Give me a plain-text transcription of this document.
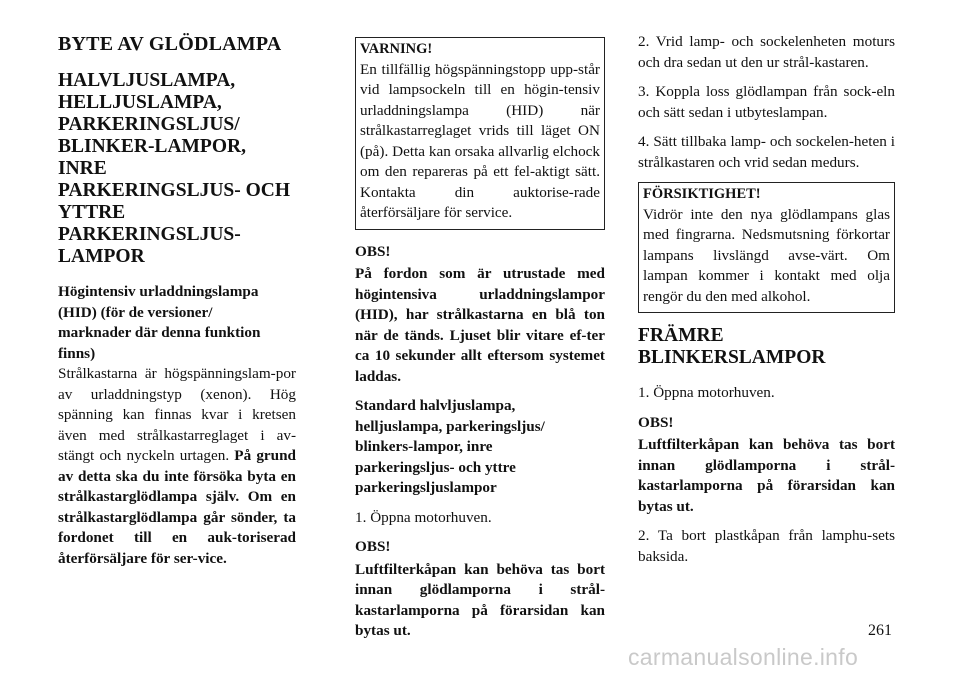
BYTE AV GLÖDLAMPA
HALVLJUSLAMPA,
HELLJUSLAMPA,
PARKERINGSLJUS/
BLINKER-LAMPOR, INRE
PARKERINGSLJUS- OCH
YTTRE PARKERINGSLJUS-
LAMPOR

Högintensiv urladdningslampa
(HID) (för de versioner/
marknader där denna funktion
finns)

Strålkastarna är högspänningslam-por av urladdningstyp (xenon). Hög spänning kan finnas kvar i kretsen även med strålkastarreglaget i av-stängt och nyckeln urtagen. På grund av detta ska du inte försöka byta en strålkastarglödlampa själv. Om en strålkastarglödlampa går sönder, ta fordonet till en auk-toriserad återförsäljare för ser-vice.

VARNING!
En tillfällig högspänningstopp upp-står vid lampsockeln till en högin-tensiv urladdningslampa (HID) när strålkastarreglaget vrids till läget ON (på). Detta kan orsaka allvarlig elchock om den repareras på ett fel-aktigt sätt. Kontakta din auktorise-rade återförsäljare för service.

OBS!

På fordon som är utrustade med högintensiva urladdningslampor (HID), har strålkastarna en blå ton när de tänds. Ljuset blir vitare ef-ter ca 10 sekunder allt eftersom systemet laddas.

Standard halvljuslampa,
helljuslampa, parkeringsljus/
blinkers-lampor, inre
parkeringsljus- och yttre
parkeringsljuslampor

1. Öppna motorhuven.

OBS!

Luftfilterkåpan kan behöva tas bort innan glödlamporna i strål-kastarlamporna på förarsidan kan bytas ut.

2. Vrid lamp- och sockelenheten moturs och dra sedan ut den ur strål-kastaren.

3. Koppla loss glödlampan från sock-eln och sätt sedan i utbyteslampan.

4. Sätt tillbaka lamp- och sockelen-heten i strålkastaren och vrid sedan medurs.

FÖRSIKTIGHET!
Vidrör inte den nya glödlampans glas med fingrarna. Nedsmutsning förkortar lampans livslängd avse-värt. Om lampan kommer i kontakt med olja rengör du den med alkohol.
FRÄMRE
BLINKERSLAMPOR

1. Öppna motorhuven.

OBS!

Luftfilterkåpan kan behöva tas bort innan glödlamporna i strål-kastarlamporna på förarsidan kan bytas ut.

2. Ta bort plastkåpan från lamphu-sets baksida.

261
carmanualsonline.info
